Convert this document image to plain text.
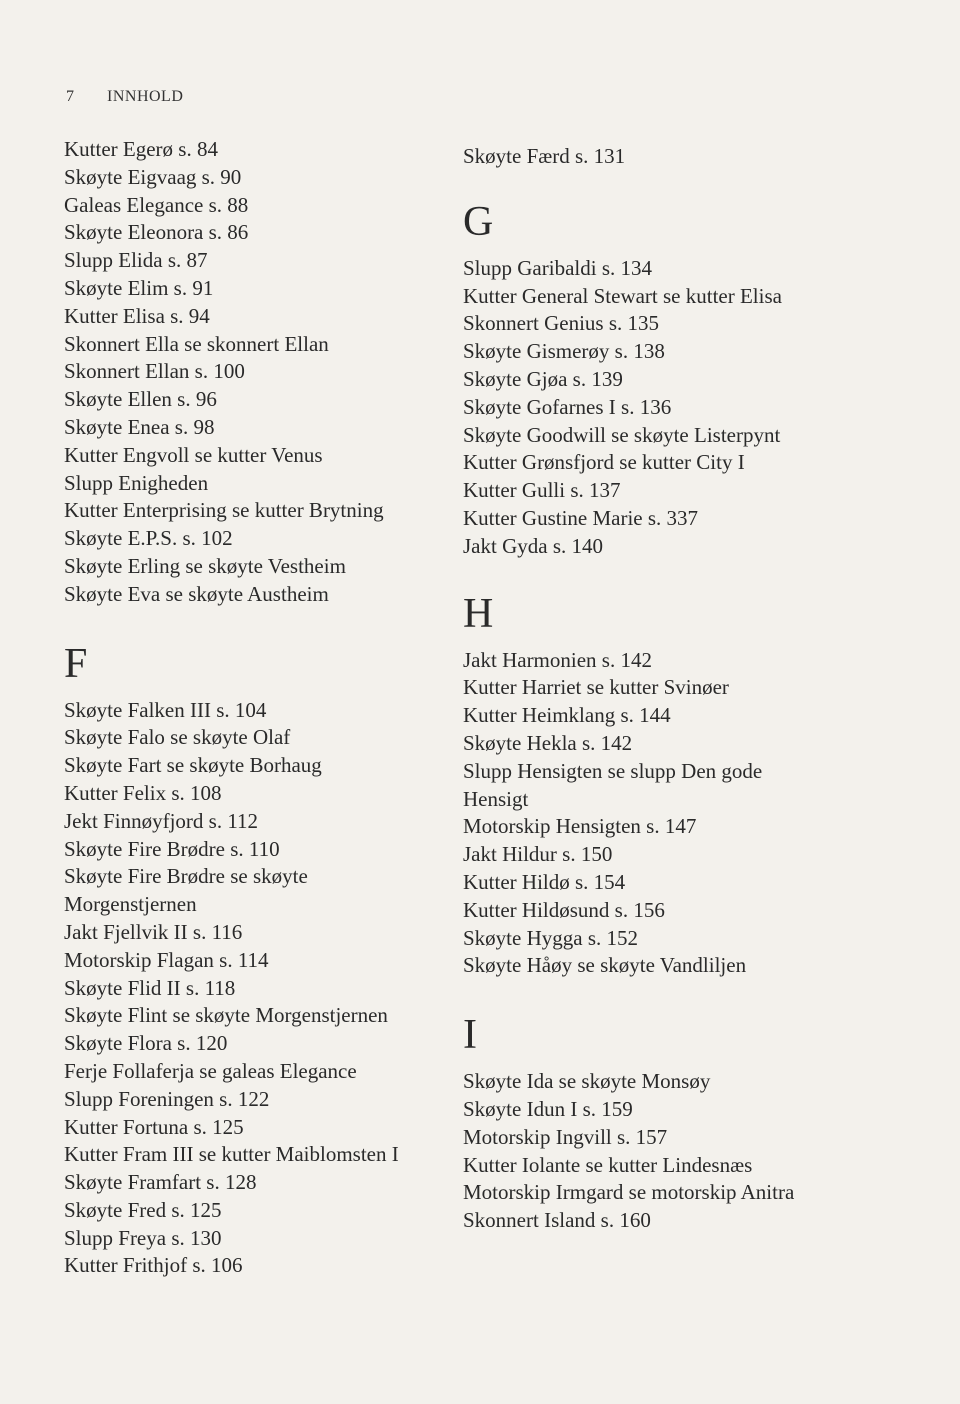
7 INNHOLD
Kutter Egerø s. 84
Skøyte Eigvaag s. 90
Galeas Elegance s. 88
Skøyte Eleonora s. 86
Slupp Elida s. 87
Skøyte Elim s. 91
Kutter Elisa s. 94
Skonnert Ella se skonnert Ellan
Skonnert Ellan s. 100
Skøyte Ellen s. 96
Skøyte Enea s. 98
Kutter Engvoll se kutter Venus
Slupp Enigheden
Kutter Enterprising se kutter Brytning
Skøyte E.P.S. s. 102
Skøyte Erling se skøyte Vestheim
Skøyte Eva se skøyte Austheim
F
Skøyte Falken III s. 104
Skøyte Falo se skøyte Olaf
Skøyte Fart se skøyte Borhaug
Kutter Felix s. 108
Jekt Finnøyfjord s. 112
Skøyte Fire Brødre s. 110
Skøyte Fire Brødre se skøyte
Morgenstjernen
Jakt Fjellvik II s. 116
Motorskip Flagan s. 114
Skøyte Flid II s. 118
Skøyte Flint se skøyte Morgenstjernen
Skøyte Flora s. 120
Ferje Follaferja se galeas Elegance
Slupp Foreningen s. 122
Kutter Fortuna s. 125
Kutter Fram III se kutter Maiblomsten I
Skøyte Framfart s. 128
Skøyte Fred s. 125
Slupp Freya s. 130
Kutter Frithjof s. 106
Skøyte Færd s. 131
G
Slupp Garibaldi s. 134
Kutter General Stewart se kutter Elisa
Skonnert Genius s. 135
Skøyte Gismerøy s. 138
Skøyte Gjøa s. 139
Skøyte Gofarnes I s. 136
Skøyte Goodwill se skøyte Listerpynt
Kutter Grønsfjord se kutter City I
Kutter Gulli s. 137
Kutter Gustine Marie s. 337
Jakt Gyda s. 140
H
Jakt Harmonien s. 142
Kutter Harriet se kutter Svinøer
Kutter Heimklang s. 144
Skøyte Hekla s. 142
Slupp Hensigten se slupp Den gode
Hensigt
Motorskip Hensigten s. 147
Jakt Hildur s. 150
Kutter Hildø s. 154
Kutter Hildøsund s. 156
Skøyte Hygga s. 152
Skøyte Håøy se skøyte Vandliljen
I
Skøyte Ida se skøyte Monsøy
Skøyte Idun I s. 159
Motorskip Ingvill s. 157
Kutter Iolante se kutter Lindesnæs
Motorskip Irmgard se motorskip Anitra
Skonnert Island s. 160
